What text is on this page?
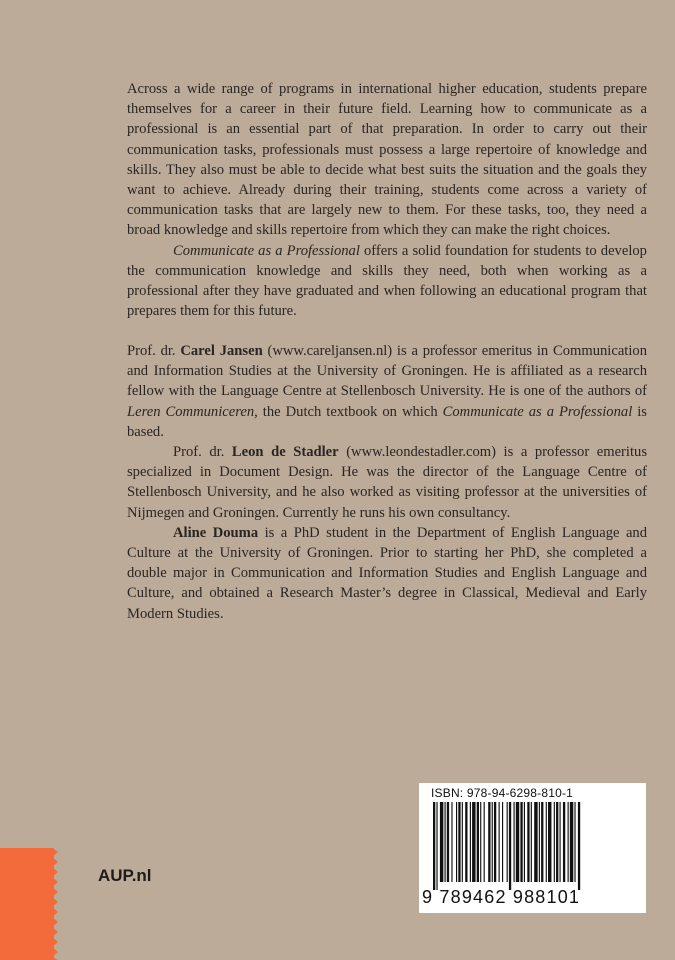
Across a wide range of programs in international higher education, students prepare themselves for a career in their future field. Learning how to communicate as a professional is an essential part of that preparation. In order to carry out their communication tasks, professionals must possess a large repertoire of knowledge and skills. They also must be able to decide what best suits the situation and the goals they want to achieve. Already during their training, students come across a variety of communication tasks that are largely new to them. For these tasks, too, they need a broad knowledge and skills repertoire from which they can make the right choices.

Communicate as a Professional offers a solid foundation for students to develop the communication knowledge and skills they need, both when working as a professional after they have graduated and when following an educational program that prepares them for this future.

Prof. dr. Carel Jansen (www.careljansen.nl) is a professor emeritus in Communication and Information Studies at the University of Groningen. He is affiliated as a research fellow with the Language Centre at Stellenbosch University. He is one of the authors of Leren Communiceren, the Dutch textbook on which Communicate as a Professional is based.

Prof. dr. Leon de Stadler (www.leondestadler.com) is a professor emeritus specialized in Document Design. He was the director of the Language Centre of Stellenbosch University, and he also worked as visiting professor at the universities of Nijmegen and Groningen. Currently he runs his own consultancy.

Aline Douma is a PhD student in the Department of English Language and Culture at the University of Groningen. Prior to starting her PhD, she completed a double major in Communication and Information Studies and English Language and Culture, and obtained a Research Master’s degree in Classical, Medieval and Early Modern Studies.

AUP.nl
ISBN: 978-94-6298-810-1
9 789462 988101
